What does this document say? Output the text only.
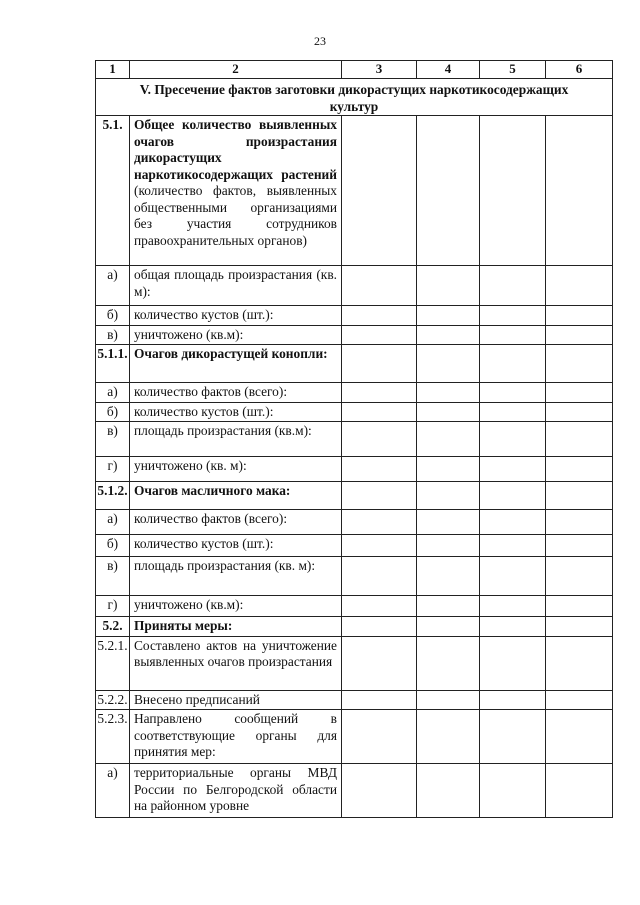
23
1	2	3	4	5	6
V. Пресечение фактов заготовки дикорастущих наркотикосодержащих культур					
5.1.	Общее количество выявленных очагов произрастания дикорастущих наркотикосодержащих растений (количество фактов, выявленных общественными организациями без участия сотрудников правоохранительных органов)				
а)	общая площадь произрастания (кв. м):				
б)	количество кустов (шт.):				
в)	уничтожено (кв.м):				
5.1.1.	Очагов дикорастущей конопли:				
а)	количество фактов (всего):				
б)	количество кустов (шт.):				
в)	площадь произрастания (кв.м):				
г)	уничтожено (кв. м):				
5.1.2.	Очагов масличного мака:				
а)	количество фактов (всего):				
б)	количество кустов (шт.):				
в)	площадь произрастания (кв. м):				
г)	уничтожено (кв.м):				
5.2.	Приняты меры:				
5.2.1.	Составлено актов на уничтожение выявленных очагов произрастания				
5.2.2.	Внесено предписаний				
5.2.3.	Направлено сообщений в соответствующие органы для принятия мер:				
а)	территориальные органы МВД России по Белгородской области на районном уровне				
